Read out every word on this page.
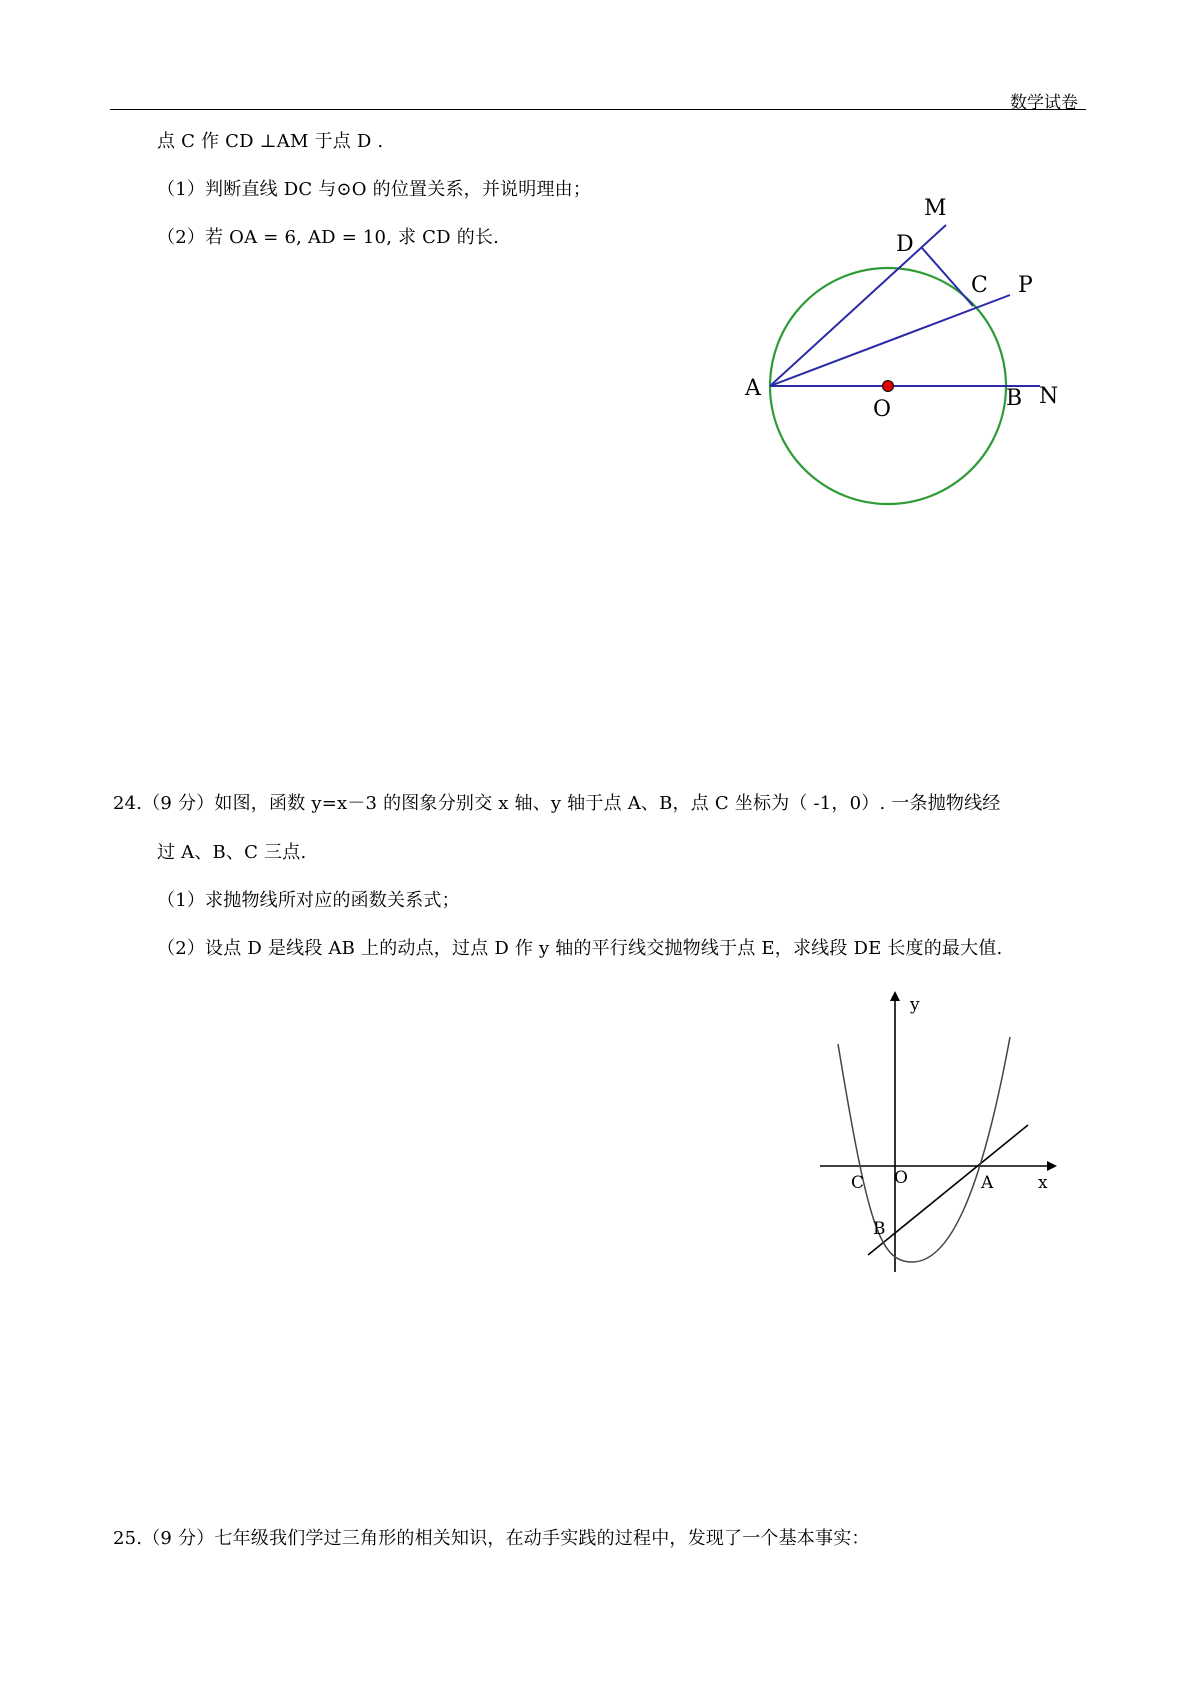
数学试卷
点 C 作 CD ⊥AM 于点 D .
（1）判断直线 DC 与⊙O 的位置关系，并说明理由；
（2）若 OA = 6, AD = 10, 求 CD 的长.
M
D
C P
A
O	B N
24.（9 分）如图，函数 y=x－3 的图象分别交 x 轴、y 轴于点 A、B，点 C 坐标为（ -1，0）. 一条抛物线经
过 A、B、C 三点.
（1）求抛物线所对应的函数关系式；
（2）设点 D 是线段 AB 上的动点，过点 D 作 y 轴的平行线交抛物线于点 E，求线段 DE 长度的最大值.
y
x
C O	A
B
25.（9 分）七年级我们学过三角形的相关知识，在动手实践的过程中，发现了一个基本事实：
